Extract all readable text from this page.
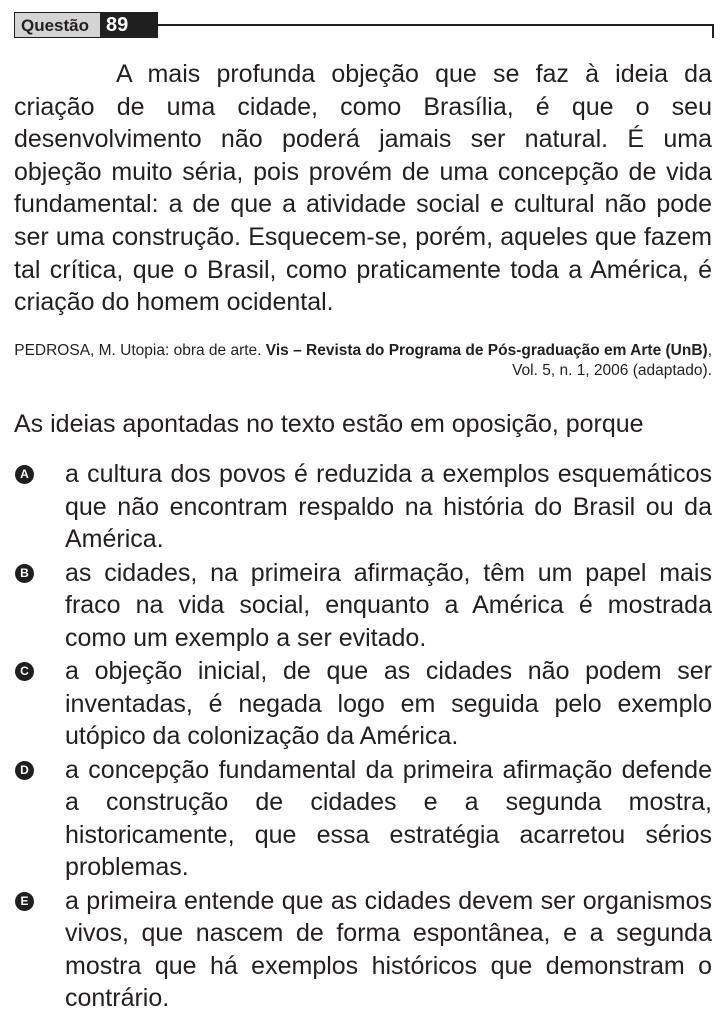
Questão 89

A mais profunda objeção que se faz à ideia da criação de uma cidade, como Brasília, é que o seu desenvolvimento não poderá jamais ser natural. É uma objeção muito séria, pois provém de uma concepção de vida fundamental: a de que a atividade social e cultural não pode ser uma construção. Esquecem-se, porém, aqueles que fazem tal crítica, que o Brasil, como praticamente toda a América, é criação do homem ocidental.

PEDROSA, M. Utopia: obra de arte. Vis – Revista do Programa de Pós-graduação em Arte (UnB), Vol. 5, n. 1, 2006 (adaptado).
As ideias apontadas no texto estão em oposição, porque
A a cultura dos povos é reduzida a exemplos esquemáticos que não encontram respaldo na história do Brasil ou da América.
B as cidades, na primeira afirmação, têm um papel mais fraco na vida social, enquanto a América é mostrada como um exemplo a ser evitado.
C a objeção inicial, de que as cidades não podem ser inventadas, é negada logo em seguida pelo exemplo utópico da colonização da América.
D a concepção fundamental da primeira afirmação defende a construção de cidades e a segunda mostra, historicamente, que essa estratégia acarretou sérios problemas.
E a primeira entende que as cidades devem ser organismos vivos, que nascem de forma espontânea, e a segunda mostra que há exemplos históricos que demonstram o contrário.
